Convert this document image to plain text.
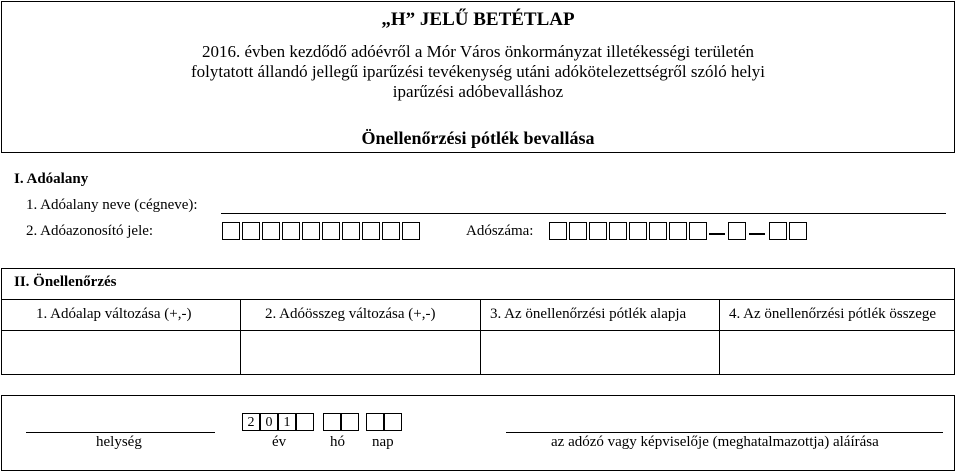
„H” JELŰ BETÉTLAP
2016. évben kezdődő adóévről a Mór Város önkormányzat illetékességi területén
folytatott állandó jellegű iparűzési tevékenység utáni adókötelezettségről szóló helyi
iparűzési adóbevalláshoz
Önellenőrzési pótlék bevallása
I. Adóalany
1. Adóalany neve (cégneve):
2. Adóazonosító jele:	Adószáma:
II. Önellenőrzés
1. Adóalap változása (+,-)	2. Adóösszeg változása (+,-)	3. Az önellenőrzési pótlék alapja	4. Az önellenőrzési pótlék összege
2 0 1
helység	év	hó nap	az adózó vagy képviselője (meghatalmazottja) aláírása
